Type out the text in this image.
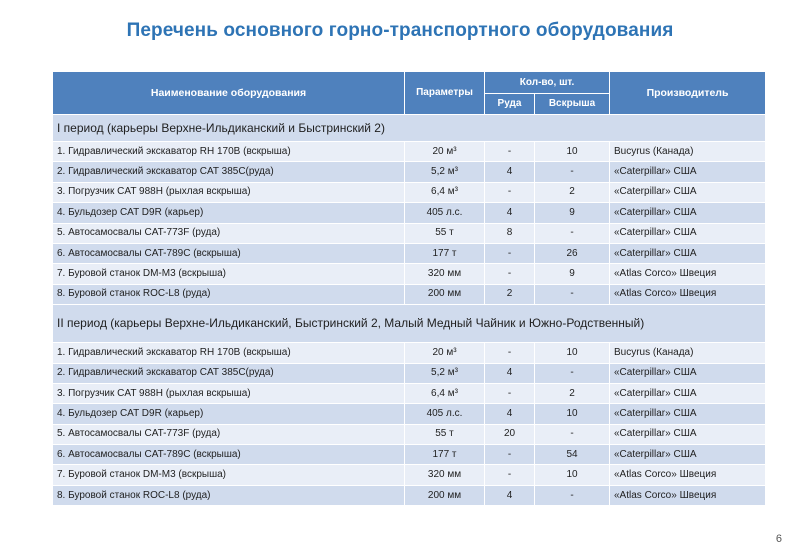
Перечень основного горно-транспортного оборудования
Наименование оборудования	Параметры	Кол-во, шт.		Производитель
		Руда	Вскрыша	
I период (карьеры Верхне-Ильдиканский и Быстринский 2)				
1. Гидравлический экскаватор RH 170B (вскрыша)	20 м³	-	10	Bucyrus (Канада)
2. Гидравлический экскаватор CAT 385C(руда)	5,2 м³	4	-	«Caterpillar» США
3. Погрузчик CAT 988H (рыхлая вскрыша)	6,4 м³	-	2	«Caterpillar» США
4. Бульдозер CAT D9R (карьер)	405 л.с.	4	9	«Caterpillar» США
5. Автосамосвалы CAT-773F (руда)	55 т	8	-	«Caterpillar» США
6. Автосамосвалы CAT-789C (вскрыша)	177 т	-	26	«Caterpillar» США
7. Буровой станок DM-M3 (вскрыша)	320 мм	-	9	«Atlas Corco» Швеция
8. Буровой станок ROC-L8 (руда)	200 мм	2	-	«Atlas Corco» Швеция
II период (карьеры Верхне-Ильдиканский, Быстринский 2, Малый Медный Чайник и Южно-Родственный)				
1. Гидравлический экскаватор RH 170B (вскрыша)	20 м³	-	10	Bucyrus (Канада)
2. Гидравлический экскаватор CAT 385C(руда)	5,2 м³	4	-	«Caterpillar» США
3. Погрузчик CAT 988H (рыхлая вскрыша)	6,4 м³	-	2	«Caterpillar» США
4. Бульдозер CAT D9R (карьер)	405 л.с.	4	10	«Caterpillar» США
5. Автосамосвалы CAT-773F (руда)	55 т	20	-	«Caterpillar» США
6. Автосамосвалы CAT-789C (вскрыша)	177 т	-	54	«Caterpillar» США
7. Буровой станок DM-M3 (вскрыша)	320 мм	-	10	«Atlas Corco» Швеция
8. Буровой станок ROC-L8 (руда)	200 мм	4	-	«Atlas Corco» Швеция
6
